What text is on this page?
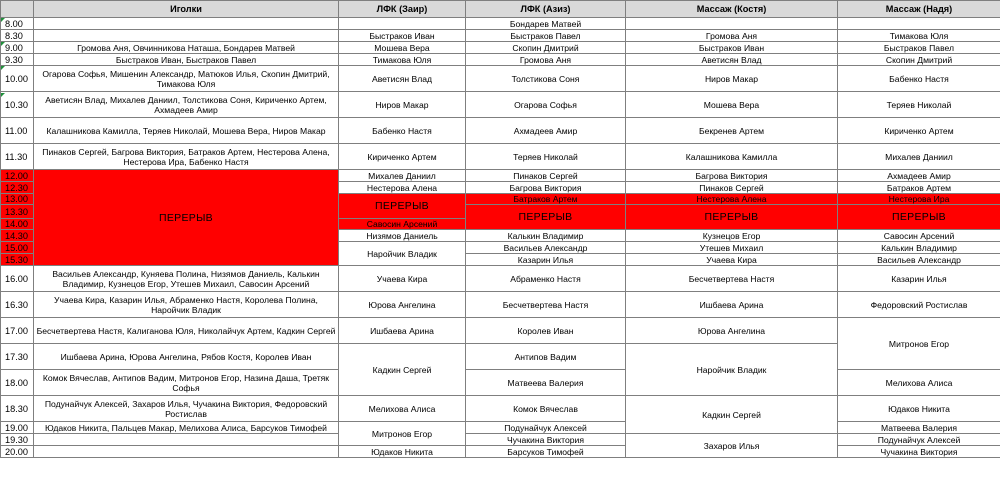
	Иголки	ЛФК (Заир)	ЛФК (Азиз)	Массаж (Костя)	Массаж (Надя)
8.00			Бондарев Матвей		
8.30		Быстраков Иван	Быстраков Павел	Громова Аня	Тимакова Юля
9.00	Громова Аня, Овчинникова Наташа, Бондарев Матвей	Мошева Вера	Скопин Дмитрий	Быстраков Иван	Быстраков Павел
9.30	Быстраков Иван, Быстраков Павел	Тимакова Юля	Громова Аня	Аветисян Влад	Скопин Дмитрий
10.00	Огарова Софья, Мишенин Александр, Матюков Илья, Скопин Дмитрий, Тимакова Юля	Аветисян Влад	Толстикова Соня	Ниров Макар	Бабенко Настя
10.30	Аветисян Влад, Михалев Даниил, Толстикова Соня, Кириченко Артем, Ахмадеев Амир	Ниров Макар	Огарова Софья	Мошева Вера	Теряев Николай
11.00	Калашникова Камилла, Теряев Николай, Мошева Вера, Ниров Макар	Бабенко Настя	Ахмадеев Амир	Бекренев Артем	Кириченко Артем
11.30	Пинаков Сергей, Багрова Виктория, Батраков Артем, Нестерова Алена, Нестерова Ира, Бабенко Настя	Кириченко Артем	Теряев Николай	Калашникова Камилла	Михалев Даниил
12.00	ПЕРЕРЫВ	Михалев Даниил	Пинаков Сергей	Багрова Виктория	Ахмадеев Амир
12.30		Нестерова Алена	Багрова Виктория	Пинаков Сергей	Батраков Артем
13.00		ПЕРЕРЫВ	Батраков Артем	Нестерова Алена	Нестерова Ира
13.30			ПЕРЕРЫВ	ПЕРЕРЫВ	ПЕРЕРЫВ
14.00		Савосин Арсений			
14.30		Низямов Даниель	Калькин Владимир	Кузнецов Егор	Савосин Арсений
15.00		Наройчик Владик	Васильев Александр	Утешев Михаил	Калькин Владимир
15.30			Казарин Илья	Учаева Кира	Васильев Александр
16.00	Васильев Александр, Куняева Полина, Низямов Даниель, Калькин Владимир, Кузнецов Егор, Утешев Михаил, Савосин Арсений	Учаева Кира	Абраменко Настя	Бесчетвертева Настя	Казарин Илья
16.30	Учаева Кира, Казарин Илья, Абраменко Настя, Королева Полина, Наройчик Владик	Юрова Ангелина	Бесчетвертева Настя	Ишбаева Арина	Федоровский Ростислав
17.00	Бесчетвертева Настя, Калиганова Юля, Николайчук Артем, Кадкин Сергей	Ишбаева Арина	Королев Иван	Юрова Ангелина	Митронов Егор
17.30	Ишбаева Арина, Юрова Ангелина, Рябов Костя, Королев Иван	Кадкин Сергей	Антипов Вадим	Наройчик Владик	
18.00	Комок Вячеслав, Антипов Вадим, Митронов Егор, Назина Даша, Третяк Софья		Матвеева Валерия		Мелихова Алиса
18.30	Подунайчук Алексей, Захаров Илья, Чучакина Виктория, Федоровский Ростислав	Мелихова Алиса	Комок Вячеслав	Кадкин Сергей	Юдаков Никита
19.00	Юдаков Никита, Пальцев Макар, Мелихова Алиса, Барсуков Тимофей	Митронов Егор	Подунайчук Алексей		Матвеева Валерия
19.30			Чучакина Виктория	Захаров Илья	Подунайчук Алексей
20.00		Юдаков Никита	Барсуков Тимофей		Чучакина Виктория
